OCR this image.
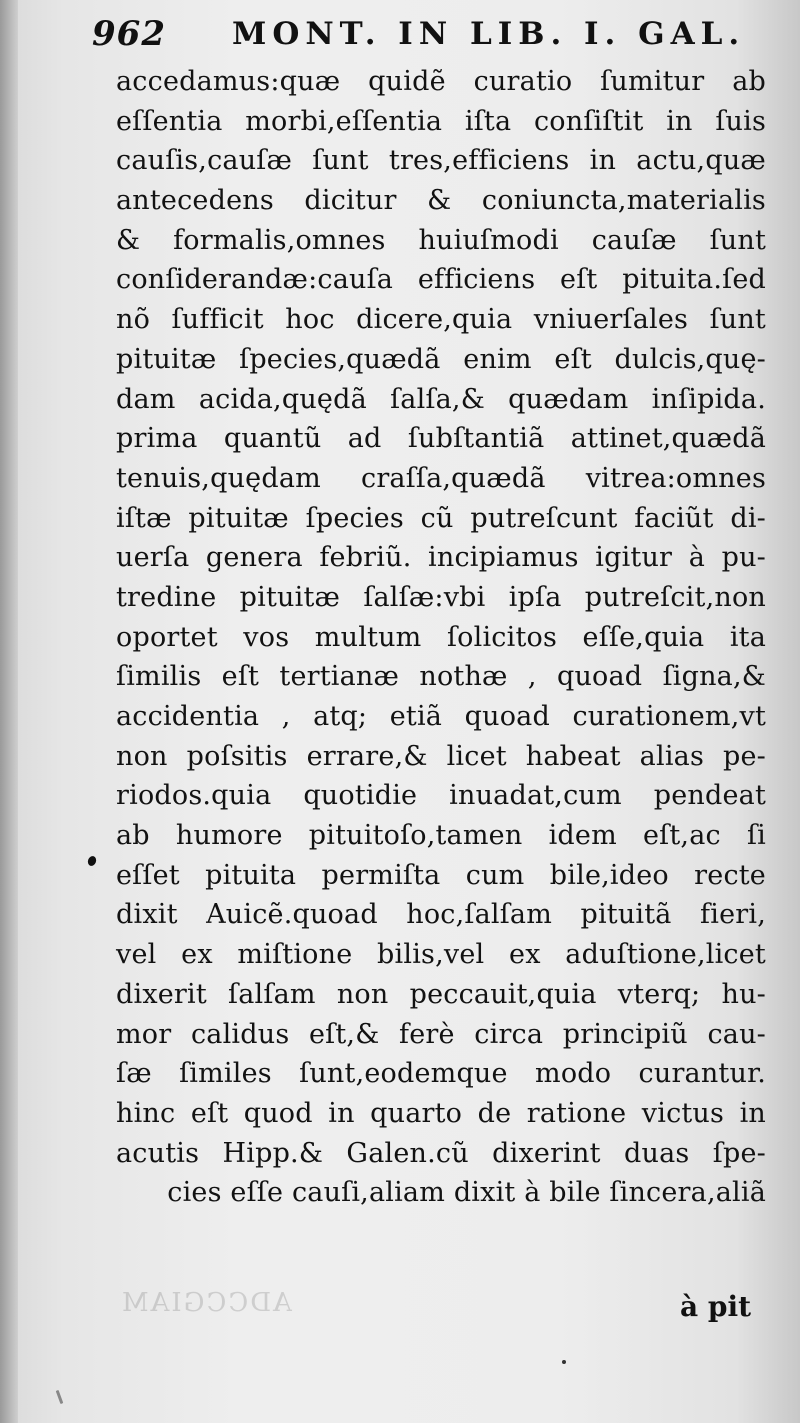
962 MONT. IN LIB. I. GAL.
accedamus:quæ quidẽ curatio ſumitur ab
eſſentia morbi,eſſentia iſta conſiſtit in ſuis
cauſis,cauſæ ſunt tres,efficiens in actu,quæ
antecedens dicitur & coniuncta,materialis
& formalis,omnes huiuſmodi cauſæ ſunt
conſiderandæ:cauſa efficiens eſt pituita.ſed
nõ ſufficit hoc dicere,quia vniuerſales ſunt
pituitæ ſpecies,quædã enim eſt dulcis,quę-
dam acida,quędã ſalſa,& quædam inſipida.
prima quantũ ad ſubſtantiã attinet,quædã
tenuis,quędam craſſa,quædã vitrea:omnes
iſtæ pituitæ ſpecies cũ putreſcunt faciũt di-
uerſa genera febriũ. incipiamus igitur à pu-
tredine pituitæ ſalſæ:vbi ipſa putreſcit,non
oportet vos multum ſolicitos eſſe,quia ita
ſimilis eſt tertianæ nothæ , quoad ſigna,&
accidentia , atq; etiã quoad curationem,vt
non poſsitis errare,& licet habeat alias pe-
riodos.quia quotidie inuadat,cum pendeat
ab humore pituitoſo,tamen idem eſt,ac ſi
eſſet pituita permiſta cum bile,ideo recte
dixit Auicẽ.quoad hoc,ſalſam pituitã fieri,
vel ex miſtione bilis,vel ex aduſtione,licet
dixerit ſalſam non peccauit,quia vterq; hu-
mor calidus eſt,& ferè circa principiũ cau-
ſæ ſimiles ſunt,eodemque modo curantur.
hinc eſt quod in quarto de ratione victus in
acutis Hipp.& Galen.cũ dixerint duas ſpe-
cies eſſe cauſi,aliam dixit à bile ſincera,aliã
ADCCGIAM	à pit
